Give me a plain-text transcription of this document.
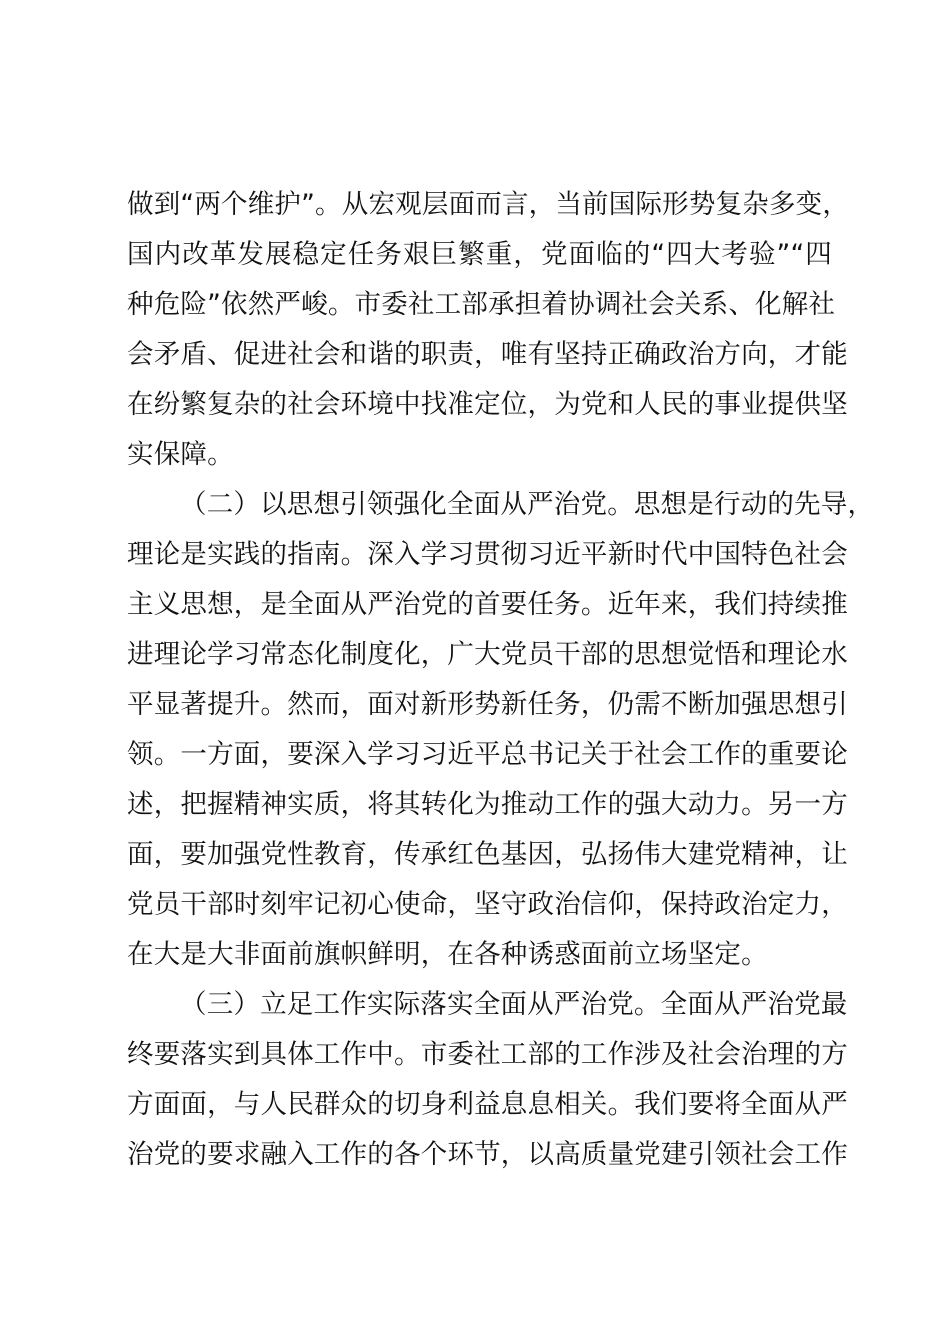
做到“两个维护”。从宏观层面而言，当前国际形势复杂多变，
国内改革发展稳定任务艰巨繁重，党面临的“四大考验”“四
种危险”依然严峻。市委社工部承担着协调社会关系、化解社
会矛盾、促进社会和谐的职责，唯有坚持正确政治方向，才能
在纷繁复杂的社会环境中找准定位，为党和人民的事业提供坚
实保障。
（二）以思想引领强化全面从严治党。思想是行动的先导，
理论是实践的指南。深入学习贯彻习近平新时代中国特色社会
主义思想，是全面从严治党的首要任务。近年来，我们持续推
进理论学习常态化制度化，广大党员干部的思想觉悟和理论水
平显著提升。然而，面对新形势新任务，仍需不断加强思想引
领。一方面，要深入学习习近平总书记关于社会工作的重要论
述，把握精神实质，将其转化为推动工作的强大动力。另一方
面，要加强党性教育，传承红色基因，弘扬伟大建党精神，让
党员干部时刻牢记初心使命，坚守政治信仰，保持政治定力，
在大是大非面前旗帜鲜明，在各种诱惑面前立场坚定。
（三）立足工作实际落实全面从严治党。全面从严治党最
终要落实到具体工作中。市委社工部的工作涉及社会治理的方
方面面，与人民群众的切身利益息息相关。我们要将全面从严
治党的要求融入工作的各个环节，以高质量党建引领社会工作
